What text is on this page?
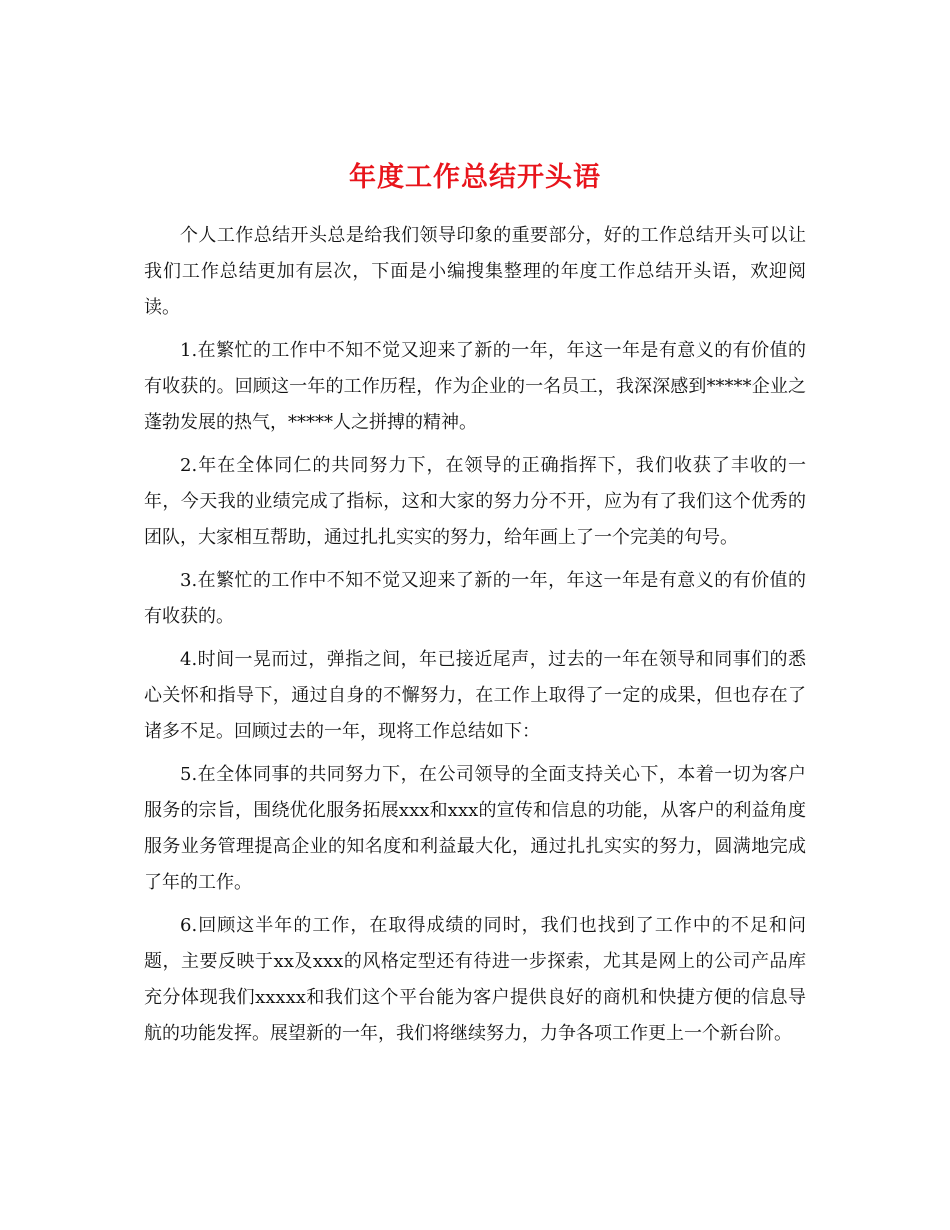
年度工作总结开头语

个人工作总结开头总是给我们领导印象的重要部分，好的工作总结开头可以让我们工作总结更加有层次，下面是小编搜集整理的年度工作总结开头语，欢迎阅读。

1.在繁忙的工作中不知不觉又迎来了新的一年，年这一年是有意义的有价值的有收获的。回顾这一年的工作历程，作为企业的一名员工，我深深感到*****企业之蓬勃发展的热气，*****人之拼搏的精神。

2.年在全体同仁的共同努力下，在领导的正确指挥下，我们收获了丰收的一年，今天我的业绩完成了指标，这和大家的努力分不开，应为有了我们这个优秀的团队，大家相互帮助，通过扎扎实实的努力，给年画上了一个完美的句号。

3.在繁忙的工作中不知不觉又迎来了新的一年，年这一年是有意义的有价值的有收获的。

4.时间一晃而过，弹指之间，年已接近尾声，过去的一年在领导和同事们的悉心关怀和指导下，通过自身的不懈努力，在工作上取得了一定的成果，但也存在了诸多不足。回顾过去的一年，现将工作总结如下：

5.在全体同事的共同努力下，在公司领导的全面支持关心下，本着一切为客户服务的宗旨，围绕优化服务拓展xxx和xxx的宣传和信息的功能，从客户的利益角度服务业务管理提高企业的知名度和利益最大化，通过扎扎实实的努力，圆满地完成了年的工作。

6.回顾这半年的工作，在取得成绩的同时，我们也找到了工作中的不足和问题，主要反映于xx及xxx的风格定型还有待进一步探索，尤其是网上的公司产品库充分体现我们xxxxx和我们这个平台能为客户提供良好的商机和快捷方便的信息导航的功能发挥。展望新的一年，我们将继续努力，力争各项工作更上一个新台阶。
